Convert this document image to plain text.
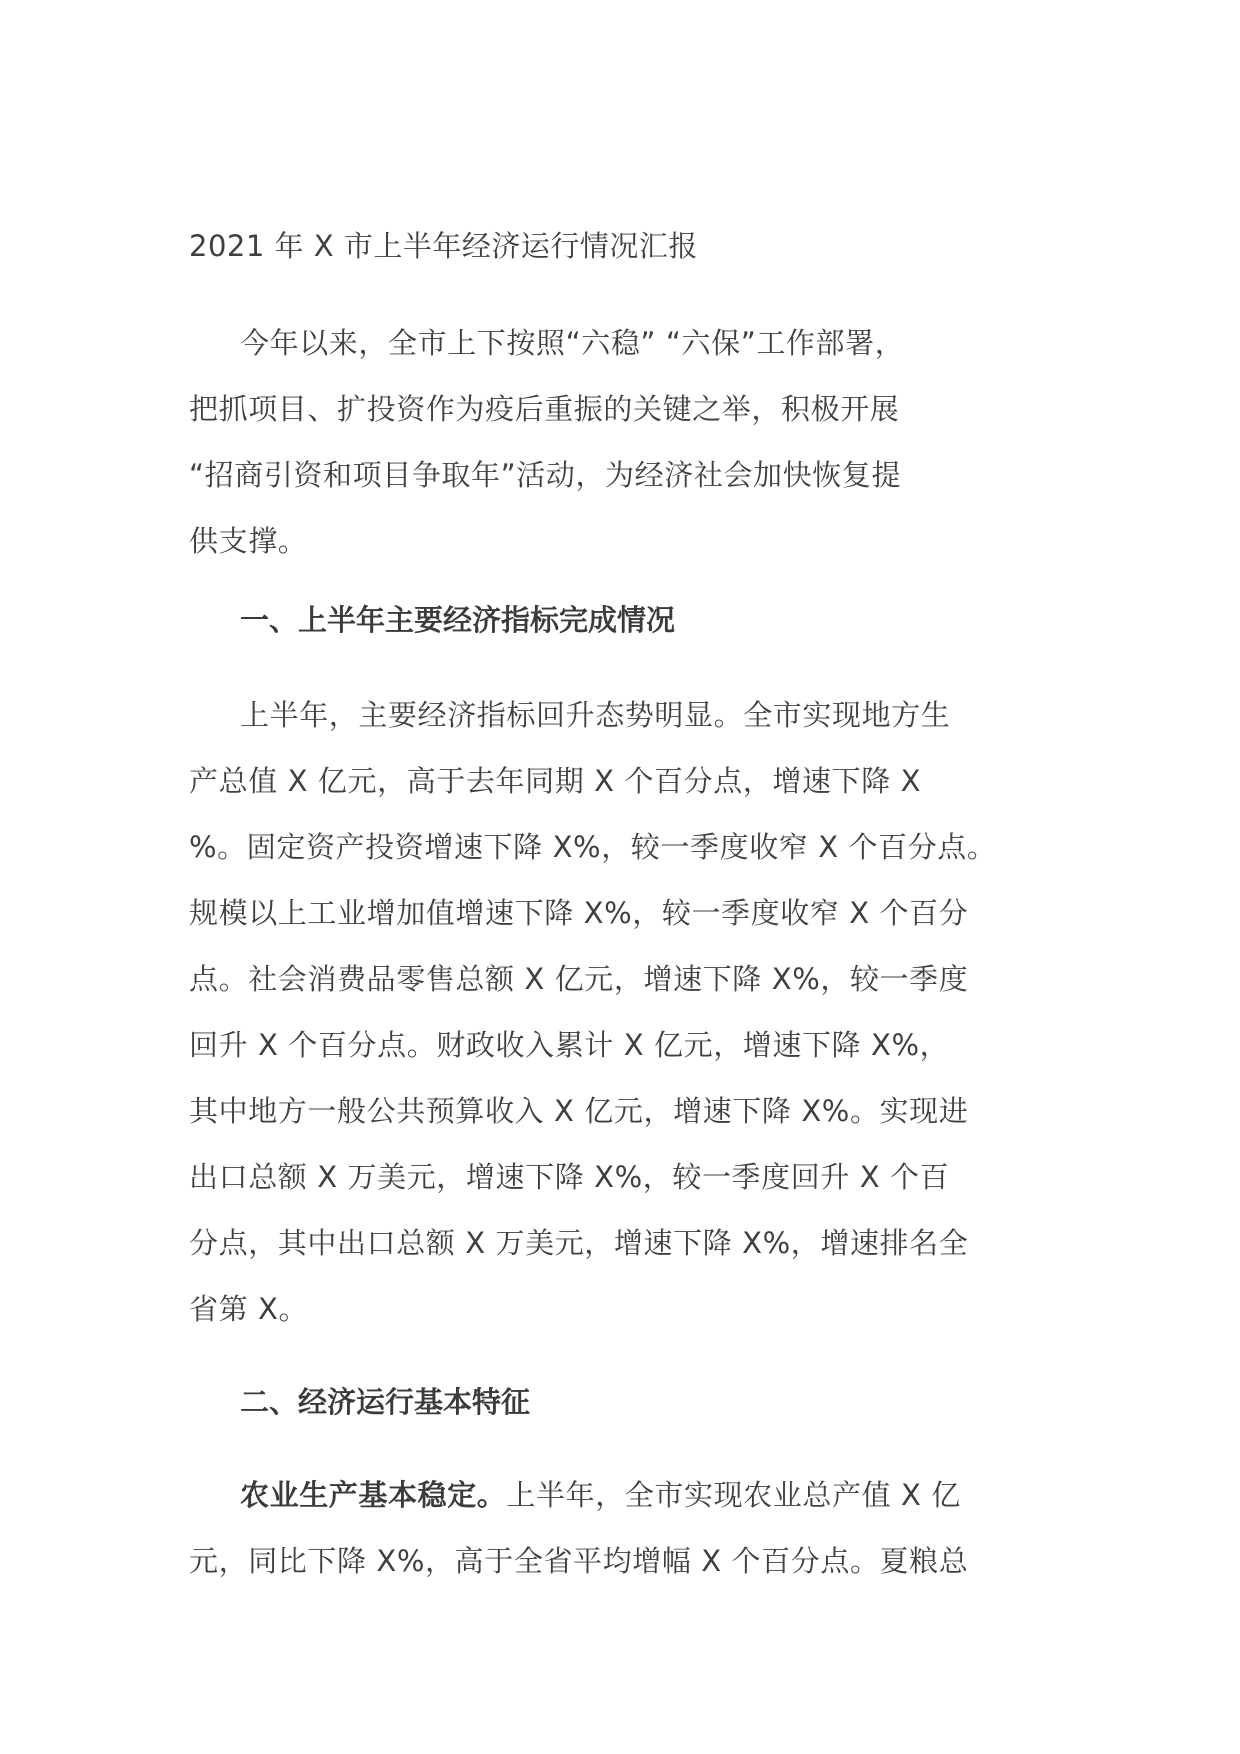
2021 年 X 市上半年经济运行情况汇报
今年以来，全市上下按照“六稳” “六保”工作部署，
把抓项目、扩投资作为疫后重振的关键之举，积极开展
“招商引资和项目争取年”活动，为经济社会加快恢复提
供支撑。
一、上半年主要经济指标完成情况
上半年，主要经济指标回升态势明显。全市实现地方生
产总值 X 亿元，高于去年同期 X 个百分点，增速下降 X
%。固定资产投资增速下降 X%，较一季度收窄 X 个百分点。
规模以上工业增加值增速下降 X%，较一季度收窄 X 个百分
点。社会消费品零售总额 X 亿元，增速下降 X%，较一季度
回升 X 个百分点。财政收入累计 X 亿元，增速下降 X%，
其中地方一般公共预算收入 X 亿元，增速下降 X%。实现进
出口总额 X 万美元，增速下降 X%，较一季度回升 X 个百
分点，其中出口总额 X 万美元，增速下降 X%，增速排名全
省第 X。
二、经济运行基本特征
农业生产基本稳定。上半年，全市实现农业总产值 X 亿
元，同比下降 X%，高于全省平均增幅 X 个百分点。夏粮总
